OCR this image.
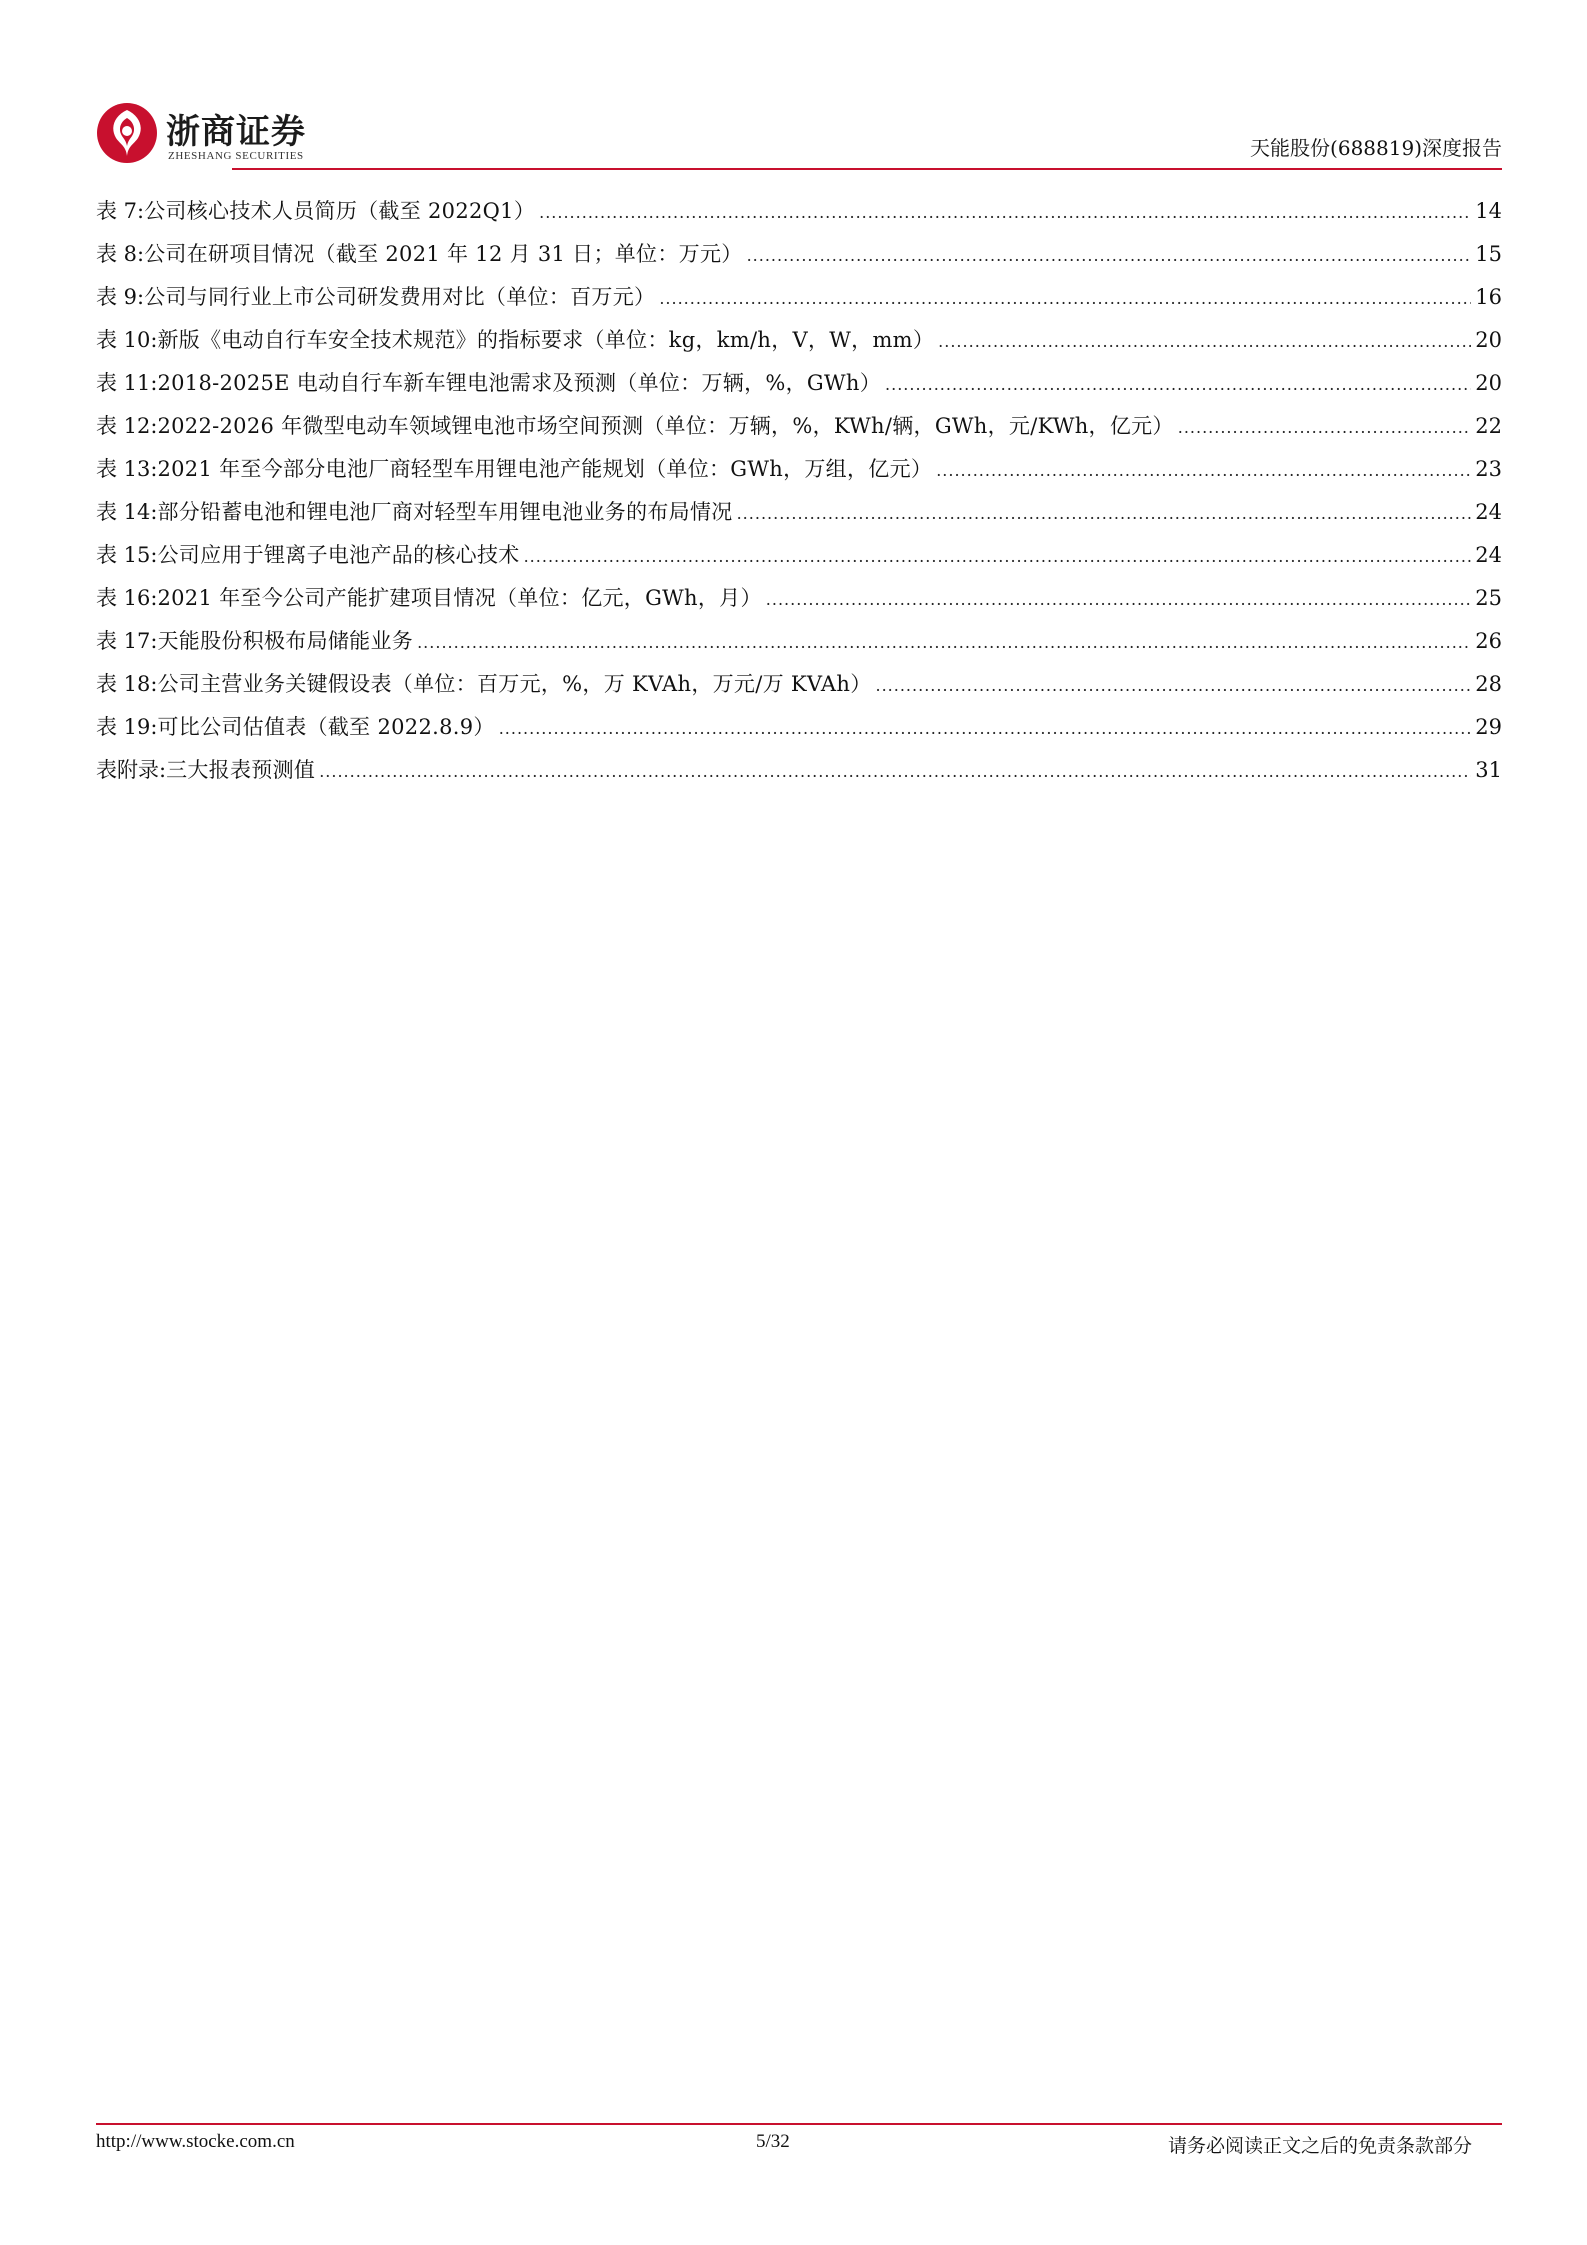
浙商证券
ZHESHANG SECURITIES	天能股份(688819)深度报告
表 7: 公司核心技术人员简历（截至 2022Q1） .....	14
表 8: 公司在研项目情况（截至 2021 年 12 月 31 日；单位：万元） .....	15
表 9: 公司与同行业上市公司研发费用对比（单位：百万元） .....	16
表 10: 新版《电动自行车安全技术规范》的指标要求（单位：kg，km/h，V，W，mm） .....	20
表 11: 2018-2025E 电动自行车新车锂电池需求及预测（单位：万辆，%，GWh） .....	20
表 12: 2022-2026 年微型电动车领域锂电池市场空间预测（单位：万辆，%，KWh/辆，GWh，元/KWh，亿元） .....	22
表 13: 2021 年至今部分电池厂商轻型车用锂电池产能规划（单位：GWh，万组，亿元） .....	23
表 14: 部分铅蓄电池和锂电池厂商对轻型车用锂电池业务的布局情况 .....	24
表 15: 公司应用于锂离子电池产品的核心技术 .....	24
表 16: 2021 年至今公司产能扩建项目情况（单位：亿元，GWh，月） .....	25
表 17: 天能股份积极布局储能业务 .....	26
表 18: 公司主营业务关键假设表（单位：百万元，%，万 KVAh，万元/万 KVAh） .....	28
表 19: 可比公司估值表（截至 2022.8.9） .....	29
表附录: 三大报表预测值 .....	31
http://www.stocke.com.cn	5/32	请务必阅读正文之后的免责条款部分
